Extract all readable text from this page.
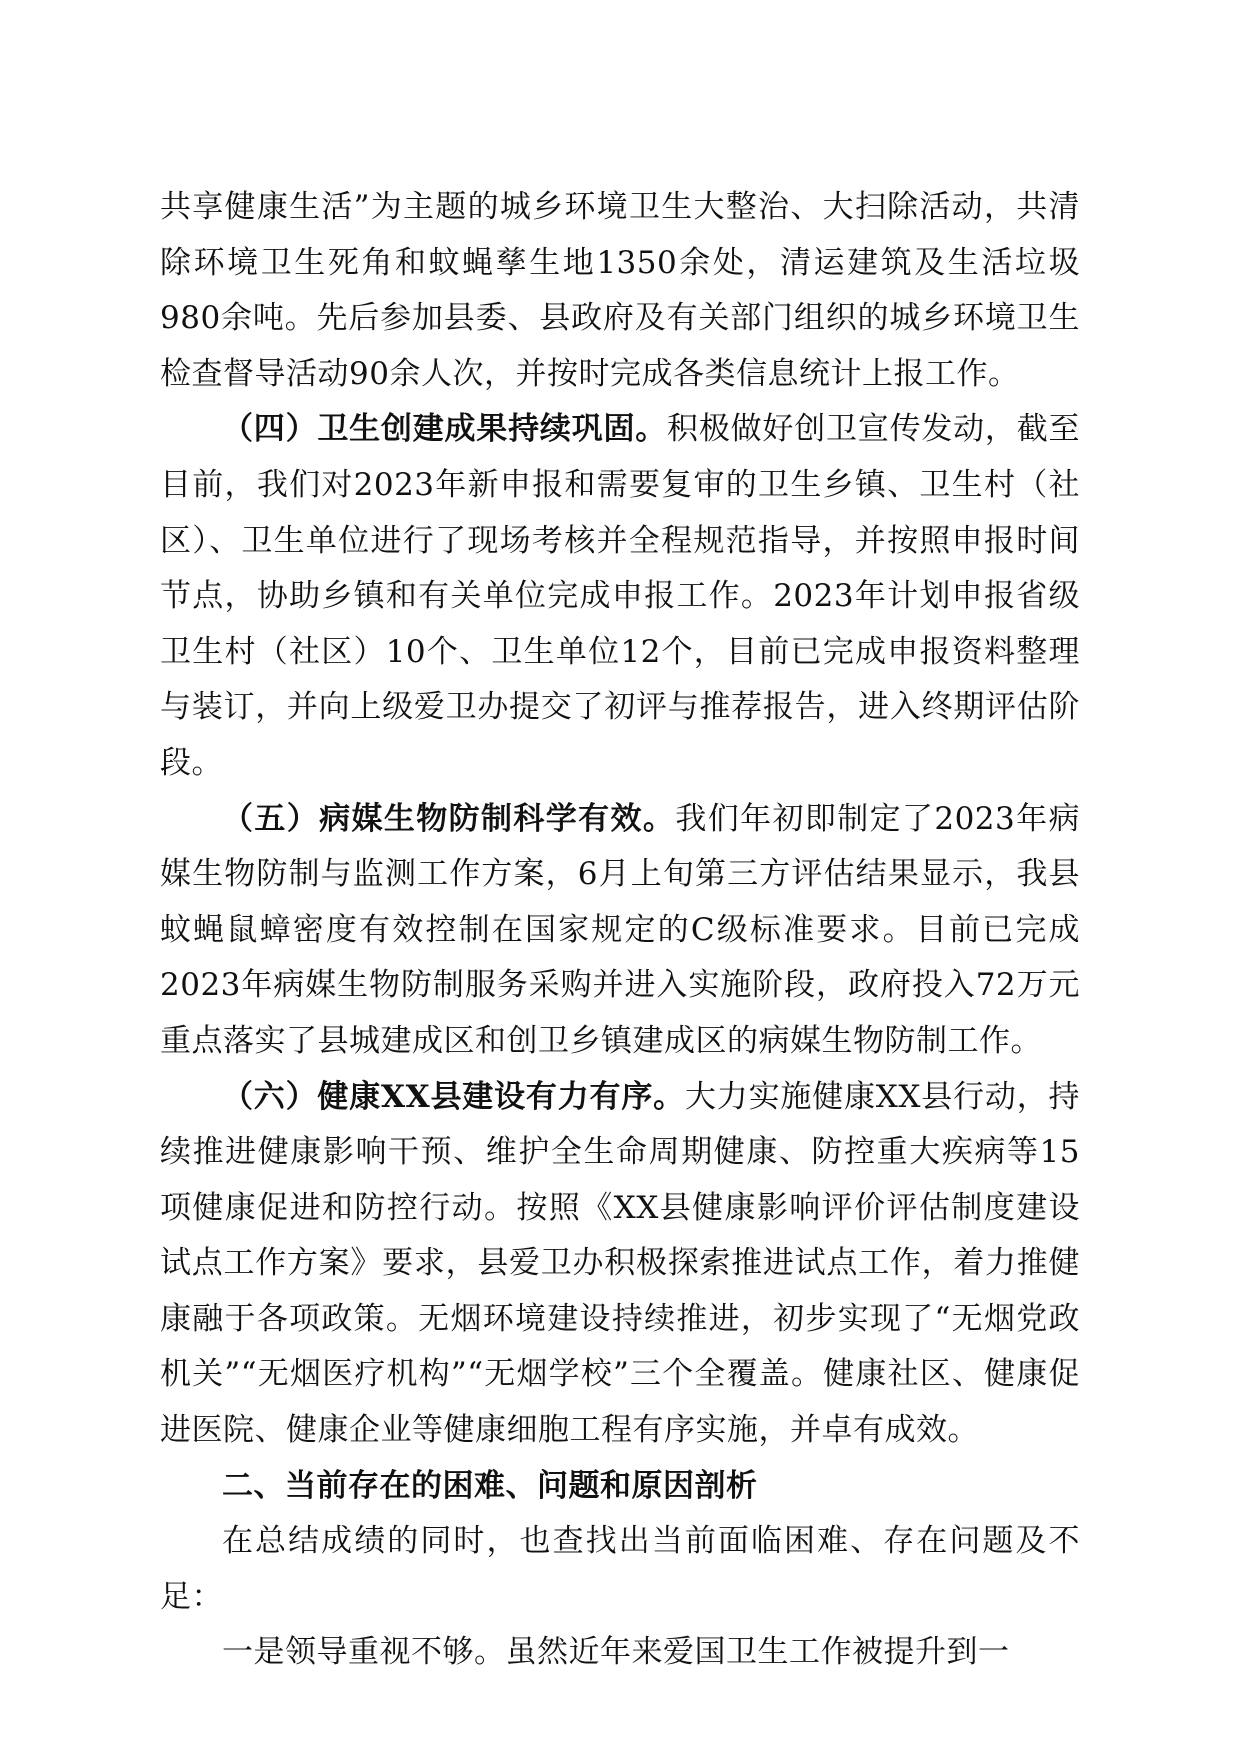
共享健康生活”为主题的城乡环境卫生大整治、大扫除活动，共清除环境卫生死角和蚊蝇孳生地1350余处，清运建筑及生活垃圾980余吨。先后参加县委、县政府及有关部门组织的城乡环境卫生检查督导活动90余人次，并按时完成各类信息统计上报工作。

（四）卫生创建成果持续巩固。积极做好创卫宣传发动，截至目前，我们对2023年新申报和需要复审的卫生乡镇、卫生村（社区）、卫生单位进行了现场考核并全程规范指导，并按照申报时间节点，协助乡镇和有关单位完成申报工作。2023年计划申报省级卫生村（社区）10个、卫生单位12个，目前已完成申报资料整理与装订，并向上级爱卫办提交了初评与推荐报告，进入终期评估阶段。

（五）病媒生物防制科学有效。我们年初即制定了2023年病媒生物防制与监测工作方案，6月上旬第三方评估结果显示，我县蚊蝇鼠蟑密度有效控制在国家规定的C级标准要求。目前已完成2023年病媒生物防制服务采购并进入实施阶段，政府投入72万元重点落实了县城建成区和创卫乡镇建成区的病媒生物防制工作。

（六）健康XX县建设有力有序。大力实施健康XX县行动，持续推进健康影响干预、维护全生命周期健康、防控重大疾病等15项健康促进和防控行动。按照《XX县健康影响评价评估制度建设试点工作方案》要求，县爱卫办积极探索推进试点工作，着力推健康融于各项政策。无烟环境建设持续推进，初步实现了“无烟党政机关”“无烟医疗机构”“无烟学校”三个全覆盖。健康社区、健康促进医院、健康企业等健康细胞工程有序实施，并卓有成效。

二、当前存在的困难、问题和原因剖析

在总结成绩的同时，也查找出当前面临困难、存在问题及不足：

一是领导重视不够。虽然近年来爱国卫生工作被提升到一
